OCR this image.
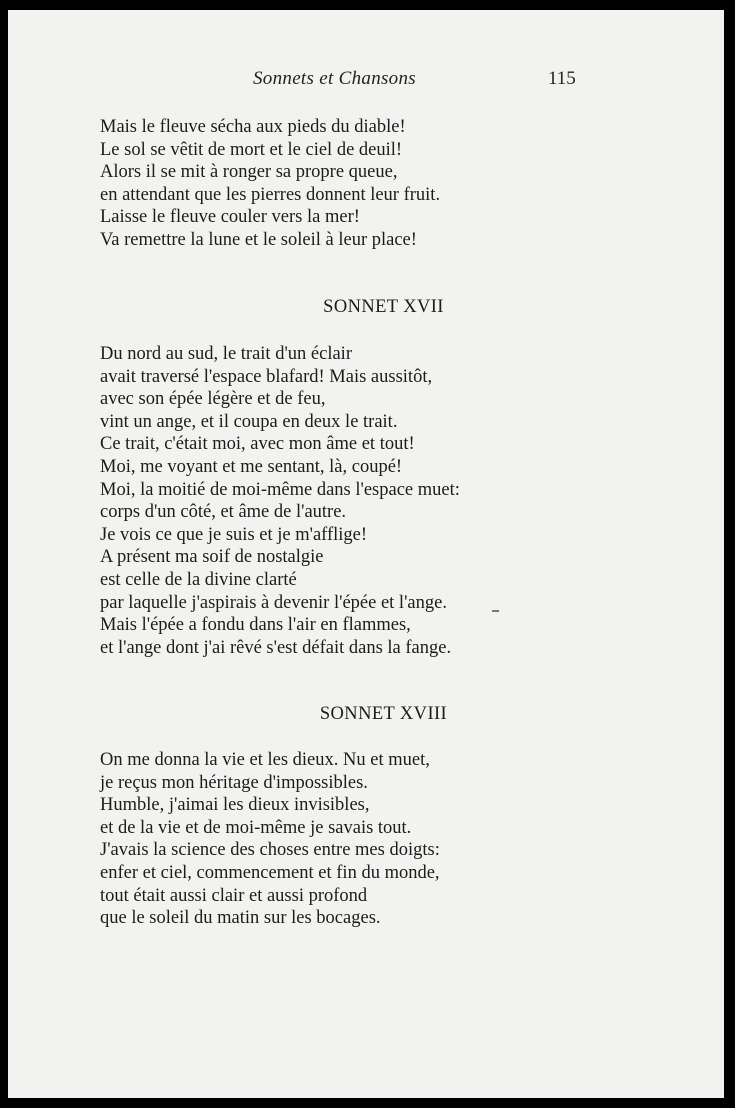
Sonnets et Chansons	115
Mais le fleuve sécha aux pieds du diable!
Le sol se vêtit de mort et le ciel de deuil!
Alors il se mit à ronger sa propre queue,
en attendant que les pierres donnent leur fruit.
Laisse le fleuve couler vers la mer!
Va remettre la lune et le soleil à leur place!
SONNET XVII
Du nord au sud, le trait d'un éclair
avait traversé l'espace blafard! Mais aussitôt,
avec son épée légère et de feu,
vint un ange, et il coupa en deux le trait.
Ce trait, c'était moi, avec mon âme et tout!
Moi, me voyant et me sentant, là, coupé!
Moi, la moitié de moi-même dans l'espace muet:
corps d'un côté, et âme de l'autre.
Je vois ce que je suis et je m'afflige!
A présent ma soif de nostalgie
est celle de la divine clarté
par laquelle j'aspirais à devenir l'épée et l'ange.
Mais l'épée a fondu dans l'air en flammes,
et l'ange dont j'ai rêvé s'est défait dans la fange.
SONNET XVIII
On me donna la vie et les dieux. Nu et muet,
je reçus mon héritage d'impossibles.
Humble, j'aimai les dieux invisibles,
et de la vie et de moi-même je savais tout.
J'avais la science des choses entre mes doigts:
enfer et ciel, commencement et fin du monde,
tout était aussi clair et aussi profond
que le soleil du matin sur les bocages.
